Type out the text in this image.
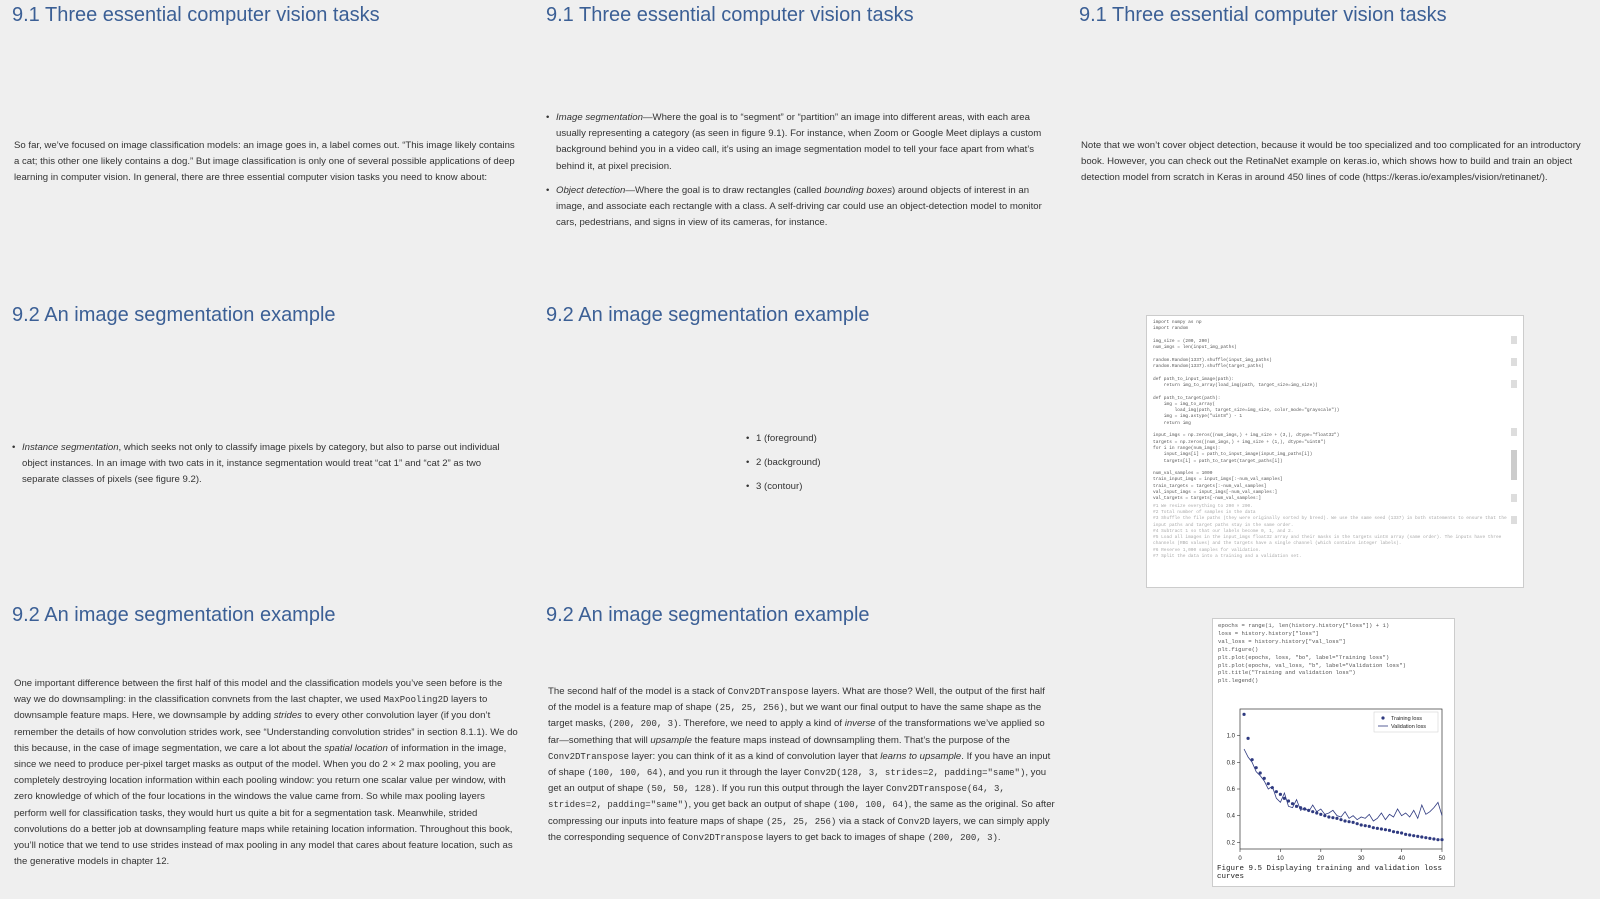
9.1 Three essential computer vision tasks

So far, we’ve focused on image classification models: an image goes in, a label comes out. “This image likely contains a cat; this other one likely contains a dog.” But image classification is only one of several possible applications of deep learning in computer vision. In general, there are three essential computer vision tasks you need to know about:

9.1 Three essential computer vision tasks
• Image segmentation—Where the goal is to “segment” or “partition” an image into different areas, with each area usually representing a category (as seen in figure 9.1). For instance, when Zoom or Google Meet diplays a custom background behind you in a video call, it’s using an image segmentation model to tell your face apart from what’s behind it, at pixel precision.
• Object detection—Where the goal is to draw rectangles (called bounding boxes) around objects of interest in an image, and associate each rectangle with a class. A self-driving car could use an object-detection model to monitor cars, pedestrians, and signs in view of its cameras, for instance.
9.1 Three essential computer vision tasks

Note that we won’t cover object detection, because it would be too specialized and too complicated for an introductory book. However, you can check out the RetinaNet example on keras.io, which shows how to build and train an object detection model from scratch in Keras in around 450 lines of code (https://keras.io/examples/vision/retinanet/).

9.2 An image segmentation example
• Instance segmentation, which seeks not only to classify image pixels by category, but also to parse out individual object instances. In an image with two cats in it, instance segmentation would treat “cat 1” and “cat 2” as two separate classes of pixels (see figure 9.2).
9.2 An image segmentation example
• 1 (foreground)
• 2 (background)
• 3 (contour)
import numpy as np
import random

img_size = (200, 200)
num_imgs = len(input_img_paths)

random.Random(1337).shuffle(input_img_paths)
random.Random(1337).shuffle(target_paths)

def path_to_input_image(path):
return img_to_array(load_img(path, target_size=img_size))

def path_to_target(path):
img = img_to_array(
load_img(path, target_size=img_size, color_mode="grayscale"))
img = img.astype("uint8") - 1
return img

input_imgs = np.zeros((num_imgs,) + img_size + (3,), dtype="float32")
targets = np.zeros((num_imgs,) + img_size + (1,), dtype="uint8")
for i in range(num_imgs):
input_imgs[i] = path_to_input_image(input_img_paths[i])
targets[i] = path_to_target(target_paths[i])

num_val_samples = 1000
train_input_imgs = input_imgs[:-num_val_samples]
train_targets = targets[:-num_val_samples]
val_input_imgs = input_imgs[-num_val_samples:]
val_targets = targets[-num_val_samples:]
#1 We resize everything to 200 × 200.
#2 Total number of samples in the data
#3 Shuffle the file paths (they were originally sorted by breed). We use the same seed (1337) in both statements to ensure that the input paths and target paths stay in the same order.
#4 Subtract 1 so that our labels become 0, 1, and 2.
#5 Load all images in the input_imgs float32 array and their masks in the targets uint8 array (same order). The inputs have three channels (RBG values) and the targets have a single channel (which contains integer labels).
#6 Reserve 1,000 samples for validation.
#7 Split the data into a training and a validation set.
9.2 An image segmentation example

One important difference between the first half of this model and the classification models you’ve seen before is the way we do downsampling: in the classification convnets from the last chapter, we used MaxPooling2D layers to downsample feature maps. Here, we downsample by adding strides to every other convolution layer (if you don’t remember the details of how convolution strides work, see “Understanding convolution strides” in section 8.1.1). We do this because, in the case of image segmentation, we care a lot about the spatial location of information in the image, since we need to produce per-pixel target masks as output of the model. When you do 2 × 2 max pooling, you are completely destroying location information within each pooling window: you return one scalar value per window, with zero knowledge of which of the four locations in the windows the value came from. So while max pooling layers perform well for classification tasks, they would hurt us quite a bit for a segmentation task. Meanwhile, strided convolutions do a better job at downsampling feature maps while retaining location information. Throughout this book, you’ll notice that we tend to use strides instead of max pooling in any model that cares about feature location, such as the generative models in chapter 12.

9.2 An image segmentation example

The second half of the model is a stack of Conv2DTranspose layers. What are those? Well, the output of the first half of the model is a feature map of shape (25, 25, 256), but we want our final output to have the same shape as the target masks, (200, 200, 3). Therefore, we need to apply a kind of inverse of the transformations we’ve applied so far—something that will upsample the feature maps instead of downsampling them. That’s the purpose of the Conv2DTranspose layer: you can think of it as a kind of convolution layer that learns to upsample. If you have an input of shape (100, 100, 64), and you run it through the layer Conv2D(128, 3, strides=2, padding="same"), you get an output of shape (50, 50, 128). If you run this output through the layer Conv2DTranspose(64, 3, strides=2, padding="same"), you get back an output of shape (100, 100, 64), the same as the original. So after compressing our inputs into feature maps of shape (25, 25, 256) via a stack of Conv2D layers, we can simply apply the corresponding sequence of Conv2DTranspose layers to get back to images of shape (200, 200, 3).

epochs = range(1, len(history.history["loss"]) + 1)
loss = history.history["loss"]
val_loss = history.history["val_loss"]
plt.figure()
plt.plot(epochs, loss, "bo", label="Training loss")
plt.plot(epochs, val_loss, "b", label="Validation loss")
plt.title("Training and validation loss")
plt.legend()
0	10	20	30	40	50
0.2
0.4
0.6
0.8
1.0
Training loss
Validation loss
Figure 9.5 Displaying training and validation loss curves
